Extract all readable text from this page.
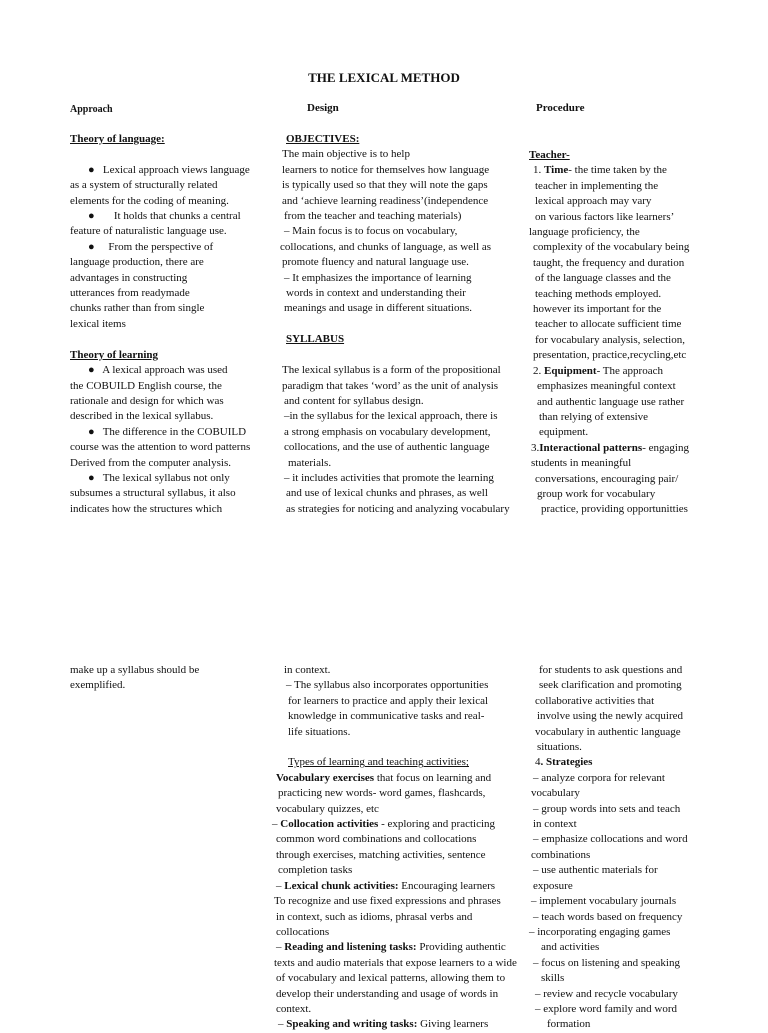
THE LEXICAL METHOD
Approach	Design	Procedure
Theory of language:

●   Lexical approach views language
as a system of structurally related
elements for the coding of meaning.
●       It holds that chunks a central
feature of naturalistic language use.
●     From the perspective of
language production, there are
advantages in constructing
utterances from readymade
chunks rather than from single
lexical items

Theory of learning
●   A lexical approach was used
the COBUILD English course, the
rationale and design for which was
described in the lexical syllabus.
●   The difference in the COBUILD
course was the attention to word patterns
Derived from the computer analysis.
●   The lexical syllabus not only
subsumes a structural syllabus, it also
indicates how the structures which
OBJECTIVES:
The main objective is to help
learners to notice for themselves how language
is typically used so that they will note the gaps
and ‘achieve learning readiness’(independence
from the teacher and teaching materials)
– Main focus is to focus on vocabulary,
collocations, and chunks of language, as well as
promote fluency and natural language use.
– It emphasizes the importance of learning
words in context and understanding their
meanings and usage in different situations.

SYLLABUS

The lexical syllabus is a form of the propositional
paradigm that takes ‘word’ as the unit of analysis
and content for syllabus design.
–in the syllabus for the lexical approach, there is
a strong emphasis on vocabulary development,
collocations, and the use of authentic language
materials.
– it includes activities that promote the learning
and use of lexical chunks and phrases, as well
as strategies for noticing and analyzing vocabulary
Teacher-
1. Time- the time taken by the
teacher in implementing the
lexical approach may vary
on various factors like learners’
language proficiency, the
complexity of the vocabulary being
taught, the frequency and duration
of the language classes and the
teaching methods employed.
however its important for the
teacher to allocate sufficient time
for vocabulary analysis, selection,
presentation, practice,recycling,etc
2. Equipment- The approach
emphasizes meaningful context
and authentic language use rather
than relying of extensive
equipment.
3.Interactional patterns- engaging
students in meaningful
conversations, encouraging pair/
group work for vocabulary
practice, providing opportunitties
make up a syllabus should be
exemplified.
in context.
– The syllabus also incorporates opportunities
for learners to practice and apply their lexical
knowledge in communicative tasks and real-
life situations.

Types of learning and teaching activities;
Vocabulary exercises that focus on learning and
practicing new words- word games, flashcards,
vocabulary quizzes, etc
– Collocation activities - exploring and practicing
common word combinations and collocations
through exercises, matching activities, sentence
completion tasks
– Lexical chunk activities: Encouraging learners
To recognize and use fixed expressions and phrases
in context, such as idioms, phrasal verbs and
collocations
– Reading and listening tasks: Providing authentic
texts and audio materials that expose learners to a wide
of vocabulary and lexical patterns, allowing them to
develop their understanding and usage of words in
context.
– Speaking and writing tasks: Giving learners
for students to ask questions and
seek clarification and promoting
collaborative activities that
involve using the newly acquired
vocabulary in authentic language
situations.
4. Strategies
– analyze corpora for relevant
vocabulary
– group words into sets and teach
in context
– emphasize collocations and word
combinations
– use authentic materials for
exposure
– implement vocabulary journals
– teach words based on frequency
– incorporating engaging games
and activities
– focus on listening and speaking
skills
– review and recycle vocabulary
– explore word family and word
formation
